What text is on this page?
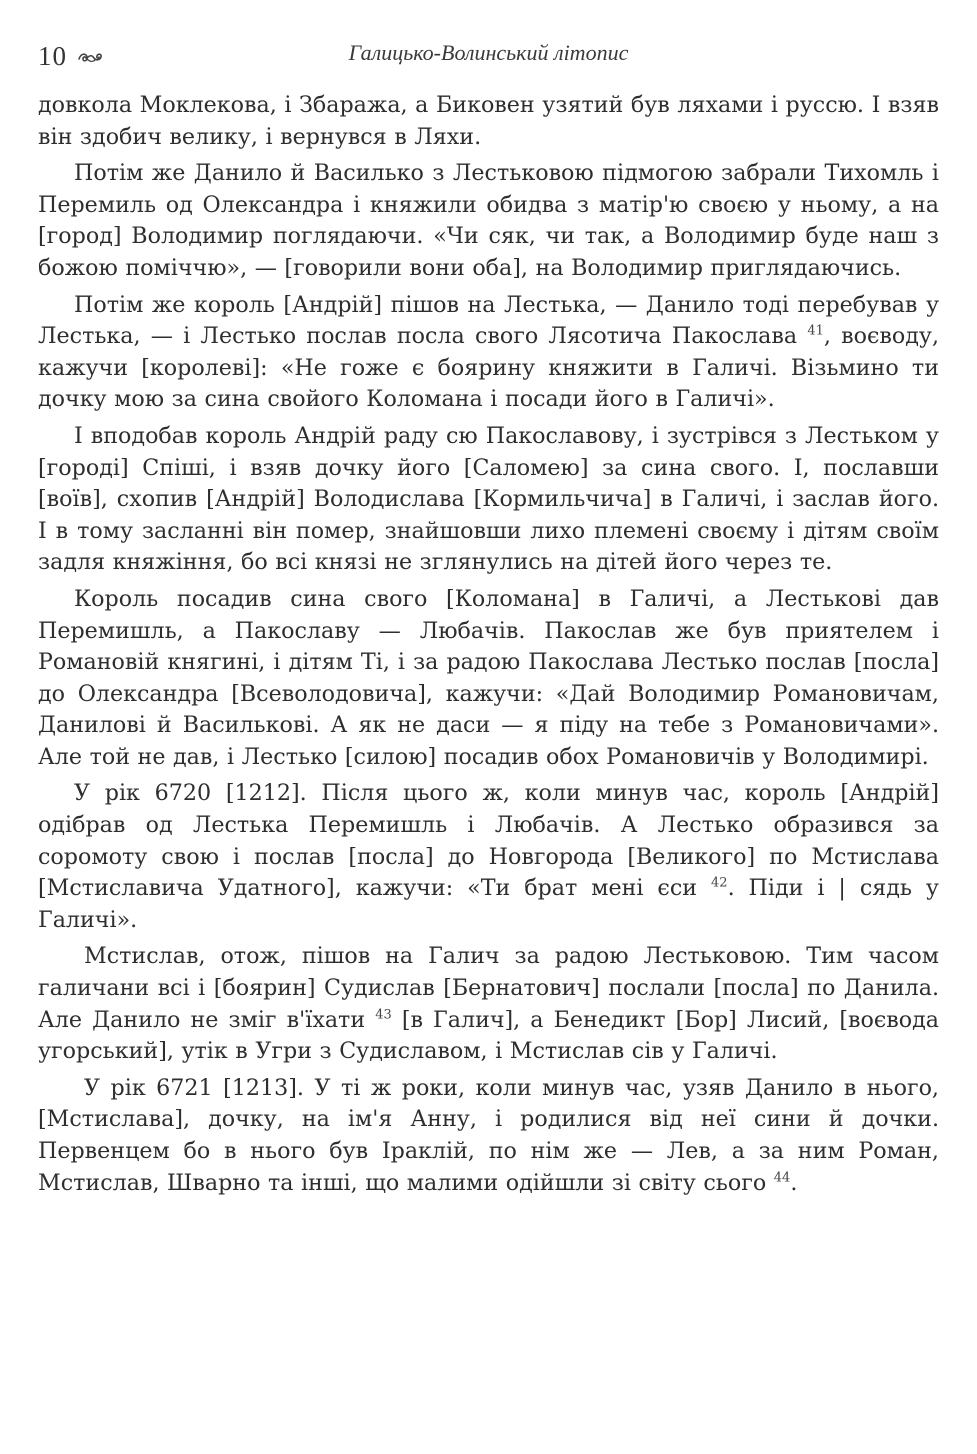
10	Галицько-Волинський літопис

довкола Моклекова, і Збаража, а Биковен узятий був ляхами і руссю. І взяв він здобич велику, і вернувся в Ляхи.

Потім же Данило й Василько з Лестьковою підмогою забрали Тихомль і Перемиль од Олександра і княжили обидва з матір'ю своєю у ньому, а на [город] Володимир поглядаючи. «Чи сяк, чи так, а Володимир буде наш з божою поміччю», — [говорили вони оба], на Володимир приглядаючись.

Потім же король [Андрій] пішов на Лестька, — Данило тоді перебував у Лестька, — і Лестько послав посла свого Лясотича Пакослава $^{41}$, воєводу, кажучи [королеві]: «Не гоже є боярину княжити в Галичі. Візьмино ти дочку мою за сина свойого Коломана і посади його в Галичі».

І вподобав король Андрій раду сю Пакославову, і зустрівся з Лестьком у [городі] Спіші, і взяв дочку його [Саломею] за сина свого. І, пославши [воїв], схопив [Андрій] Володислава [Кормильчича] в Галичі, і заслав його. І в тому засланні він помер, знайшовши лихо племені своєму і дітям своїм задля княжіння, бо всі князі не зглянулись на дітей його через те.

Король посадив сина свого [Коломана] в Галичі, а Лестькові дав Перемишль, а Пакославу — Любачів. Пакослав же був приятелем і Романовій княгині, і дітям Ті, і за радою Пакослава Лестько послав [посла] до Олександра [Всеволодовича], кажучи: «Дай Володимир Романовичам, Данилові й Василькові. А як не даси — я піду на тебе з Романовичами». Але той не дав, і Лестько [силою] посадив обох Романовичів у Володимирі.

У рік 6720 [1212]. Після цього ж, коли минув час, король [Андрій] одібрав од Лестька Перемишль і Любачів. А Лестько образився за соромоту свою і послав [посла] до Новгорода [Великого] по Мстислава [Мстиславича Удатного], кажучи: «Ти брат мені єси $^{42}$. Піди і | сядь у Галичі».

Мстислав, отож, пішов на Галич за радою Лестьковою. Тим часом галичани всі і [боярин] Судислав [Бернатович] послали [посла] по Данила. Але Данило не зміг в'їхати $^{43}$ [в Галич], а Бенедикт [Бор] Лисий, [воєвода угорський], утік в Угри з Судиславом, і Мстислав сів у Галичі.

У рік 6721 [1213]. У ті ж роки, коли минув час, узяв Данило в нього, [Мстислава], дочку, на ім'я Анну, і родилися від неї сини й дочки. Первенцем бо в нього був Іраклій, по нім же — Лев, а за ним Роман, Мстислав, Шварно та інші, що малими одійшли зі світу сього $^{44}$.
